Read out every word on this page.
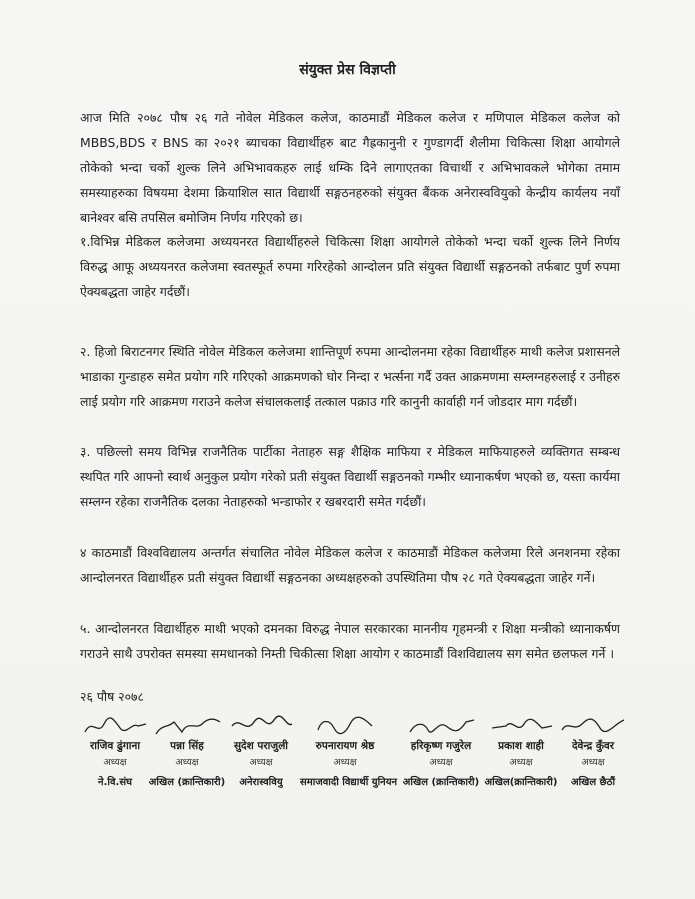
संयुक्त प्रेस विज्ञप्ती

आज मिति २०७८ पौष २६ गते नोवेल मेडिकल कलेज, काठमाडौं मेडिकल कलेज र मणिपाल मेडिकल कलेज को MBBS,BDS र BNS का २०२१ ब्याचका विद्यार्थीहरु बाट गैह्रकानुनी र गुण्डागर्दी शैलीमा चिकित्सा शिक्षा आयोगले तोकेको भन्दा चर्को शुल्क लिने अभिभावकहरु लाई धम्कि दिने लागाएतका विचार्थी र अभिभावकले भोगेका तमाम समस्याहरुका विषयमा देशमा क्रियाशिल सात विद्यार्थी सङ्गठनहरुको संयुक्त बैंकक अनेरास्ववियुको केन्द्रीय कार्यलय नयाँ बानेश्वर बसि तपसिल बमोजिम निर्णय गरिएको छ।

१.विभिन्न मेडिकल कलेजमा अध्ययनरत विद्यार्थीहरुले चिकित्सा शिक्षा आयोगले तोकेको भन्दा चर्को शुल्क लिने निर्णय विरुद्ध आफू अध्ययनरत कलेजमा स्वतस्फूर्त रुपमा गरिरहेको आन्दोलन प्रति संयुक्त विद्यार्थी सङ्गठनको तर्फबाट पुर्ण रुपमा ऐक्यबद्धता जाहेर गर्दछौं।

२. हिजो बिराटनगर स्थिति नोवेल मेडिकल कलेजमा शान्तिपूर्ण रुपमा आन्दोलनमा रहेका विद्यार्थीहरु माथी कलेज प्रशासनले भाडाका गुन्डाहरु समेत प्रयोग गरि गरिएको आक्रमणको घोर निन्दा र भर्त्सना गर्दै उक्त आक्रमणमा सम्लग्नहरुलाई र उनीहरु लाई प्रयोग गरि आक्रमण गराउने कलेज संचालकलाई तत्काल पक्राउ गरि कानुनी कार्वाही गर्न जोडदार माग गर्दछौं।

३. पछिल्लो समय विभिन्न राजनैतिक पार्टीका नेताहरु सङ्ग शैक्षिक माफिया र मेडिकल माफियाहरुले व्यक्तिगत सम्बन्ध स्थपित गरि आफ्नो स्वार्थ अनुकुल प्रयोग गरेको प्रती संयुक्त विद्यार्थी सङ्गठनको गम्भीर ध्यानाकर्षण भएको छ, यस्ता कार्यमा सम्लग्न रहेका राजनैतिक दलका नेताहरुको भन्डाफोर र खबरदारी समेत गर्दछौं।

४ काठमाडौं विश्वविद्यालय अन्तर्गत संचालित नोवेल मेडिकल कलेज र काठमाडौं मेडिकल कलेजमा रिले अनशनमा रहेका आन्दोलनरत विद्यार्थीहरु प्रती संयुक्त विद्यार्थी सङ्गठनका अध्यक्षहरुको उपस्थितिमा पौष २८ गते ऐक्यबद्धता जाहेर गर्ने।

५. आन्दोलनरत विद्यार्थीहरु माथी भएको दमनका विरुद्ध नेपाल सरकारका माननीय गृहमन्त्री र शिक्षा मन्त्रीको ध्यानाकर्षण गराउने साथै उपरोक्त समस्या समधानको निम्ती चिकीत्सा शिक्षा आयोग र काठमाडौं विशविद्यालय सग समेत छलफल गर्ने ।

२६ पौष २०७८
राजिव ढुंगाना
अध्यक्ष
ने.वि.संघ
पन्ना सिंह
अध्यक्ष
अखिल (क्रान्तिकारी)
सुदेश पराजुली
अध्यक्ष
अनेरास्ववियु
रुपनारायण श्रेष्ठ
अध्यक्ष
समाजवादी विद्यार्थी युनियन
हरिकृष्ण गजुरेल
अध्यक्ष
अखिल (क्रान्तिकारी)
प्रकाश शाही
अध्यक्ष
अखिल(क्रान्तिकारी)
देवेन्द्र कुँवर
अध्यक्ष
अखिल छैठौं
